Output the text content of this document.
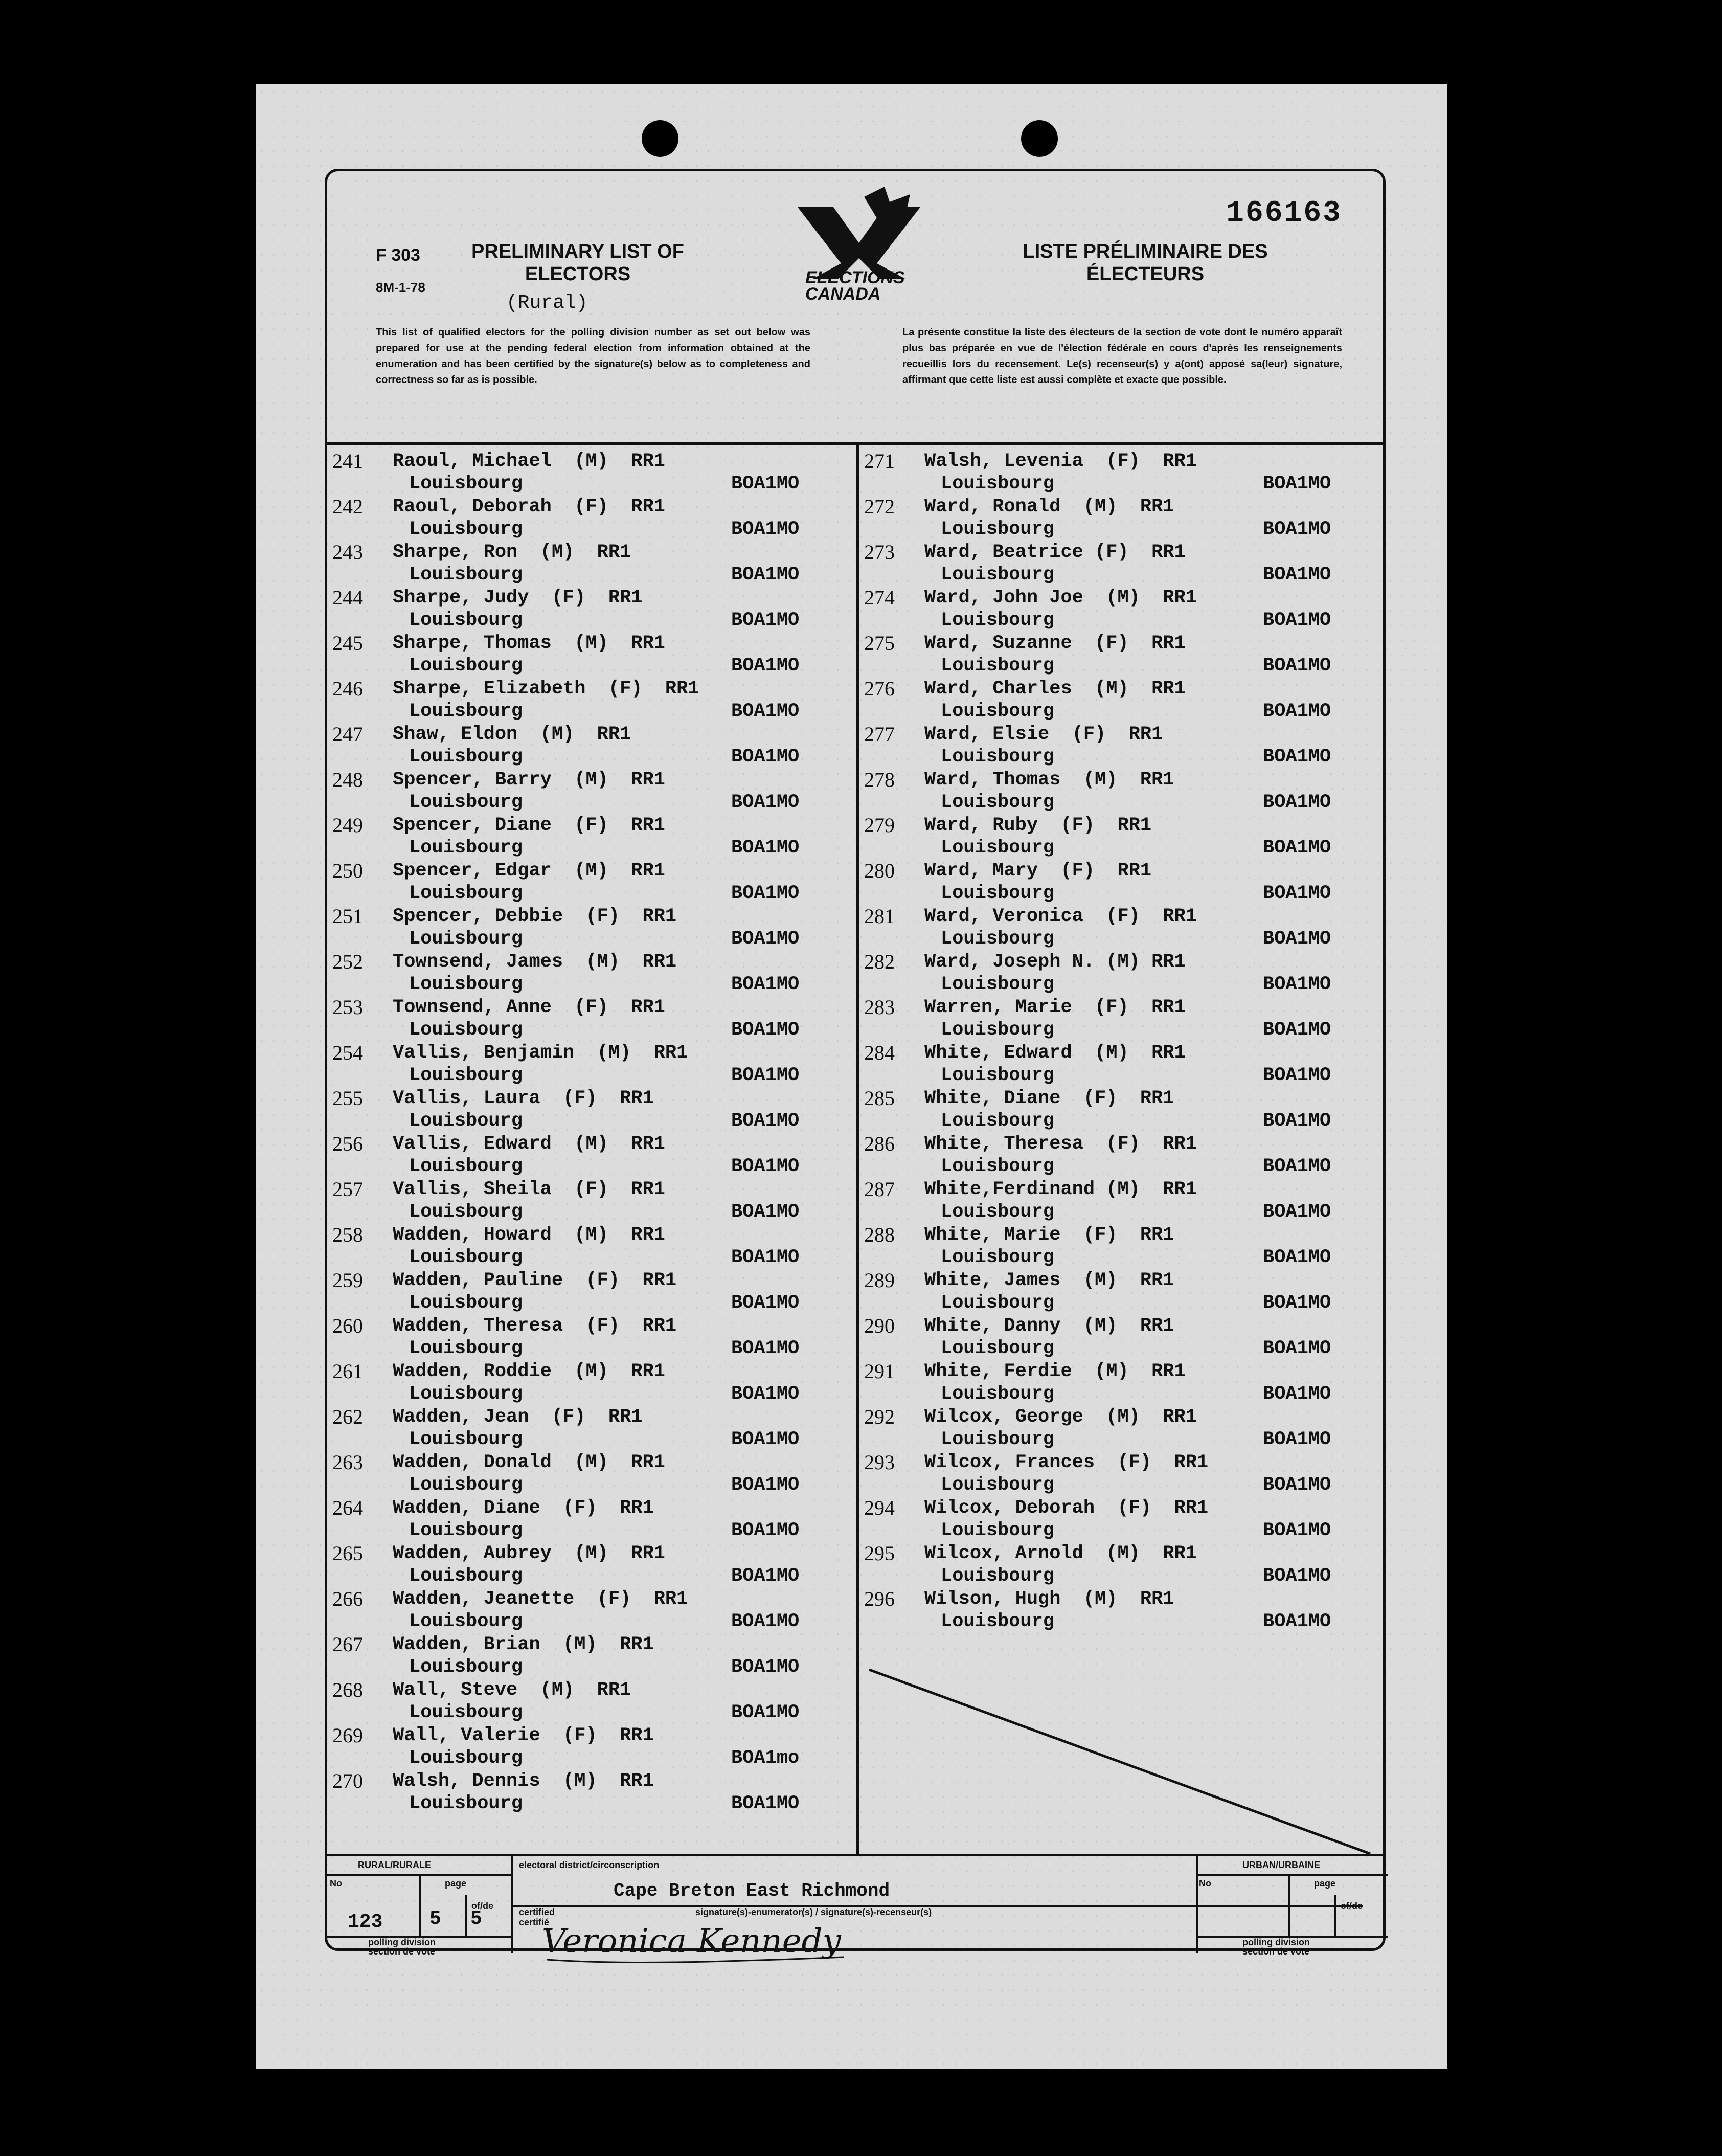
F 303
8M-1-78
PRELIMINARY LIST OF ELECTORS
(Rural)
This list of qualified electors for the polling division number as set out below was prepared for use at the pending federal election from information obtained at the enumeration and has been certified by the signature(s) below as to completeness and correctness so far as is possible.
ELECTIONS CANADA
166163
LISTE PRÉLIMINAIRE DES ÉLECTEURS
La présente constitue la liste des électeurs de la section de vote dont le numéro apparaît plus bas préparée en vue de l'élection fédérale en cours d'après les renseignements recueillis lors du recensement. Le(s) recenseur(s) y a(ont) apposé sa(leur) signature, affirmant que cette liste est aussi complète et exacte que possible.
241 Raoul, Michael  (M)  RR1
Louisbourg	BOA1MO
242 Raoul, Deborah  (F)  RR1
Louisbourg	BOA1MO
243 Sharpe, Ron  (M)  RR1
Louisbourg	BOA1MO
244 Sharpe, Judy  (F)  RR1
Louisbourg	BOA1MO
245 Sharpe, Thomas  (M)  RR1
Louisbourg	BOA1MO
246 Sharpe, Elizabeth  (F)  RR1
Louisbourg	BOA1MO
247 Shaw, Eldon  (M)  RR1
Louisbourg	BOA1MO
248 Spencer, Barry  (M)  RR1
Louisbourg	BOA1MO
249 Spencer, Diane  (F)  RR1
Louisbourg	BOA1MO
250 Spencer, Edgar  (M)  RR1
Louisbourg	BOA1MO
251 Spencer, Debbie  (F)  RR1
Louisbourg	BOA1MO
252 Townsend, James  (M)  RR1
Louisbourg	BOA1MO
253 Townsend, Anne  (F)  RR1
Louisbourg	BOA1MO
254 Vallis, Benjamin  (M)  RR1
Louisbourg	BOA1MO
255 Vallis, Laura  (F)  RR1
Louisbourg	BOA1MO
256 Vallis, Edward  (M)  RR1
Louisbourg	BOA1MO
257 Vallis, Sheila  (F)  RR1
Louisbourg	BOA1MO
258 Wadden, Howard  (M)  RR1
Louisbourg	BOA1MO
259 Wadden, Pauline  (F)  RR1
Louisbourg	BOA1MO
260 Wadden, Theresa  (F)  RR1
Louisbourg	BOA1MO
261 Wadden, Roddie  (M)  RR1
Louisbourg	BOA1MO
262 Wadden, Jean  (F)  RR1
Louisbourg	BOA1MO
263 Wadden, Donald  (M)  RR1
Louisbourg	BOA1MO
264 Wadden, Diane  (F)  RR1
Louisbourg	BOA1MO
265 Wadden, Aubrey  (M)  RR1
Louisbourg	BOA1MO
266 Wadden, Jeanette  (F)  RR1
Louisbourg	BOA1MO
267 Wadden, Brian  (M)  RR1
Louisbourg	BOA1MO
268 Wall, Steve  (M)  RR1
Louisbourg	BOA1MO
269 Wall, Valerie  (F)  RR1
Louisbourg	BOA1mo
270 Walsh, Dennis  (M)  RR1
Louisbourg	BOA1MO
271 Walsh, Levenia  (F)  RR1
Louisbourg	BOA1MO
272 Ward, Ronald  (M)  RR1
Louisbourg	BOA1MO
273 Ward, Beatrice (F)  RR1
Louisbourg	BOA1MO
274 Ward, John Joe  (M)  RR1
Louisbourg	BOA1MO
275 Ward, Suzanne  (F)  RR1
Louisbourg	BOA1MO
276 Ward, Charles  (M)  RR1
Louisbourg	BOA1MO
277 Ward, Elsie  (F)  RR1
Louisbourg	BOA1MO
278 Ward, Thomas  (M)  RR1
Louisbourg	BOA1MO
279 Ward, Ruby  (F)  RR1
Louisbourg	BOA1MO
280 Ward, Mary  (F)  RR1
Louisbourg	BOA1MO
281 Ward, Veronica  (F)  RR1
Louisbourg	BOA1MO
282 Ward, Joseph N. (M) RR1
Louisbourg	BOA1MO
283 Warren, Marie  (F)  RR1
Louisbourg	BOA1MO
284 White, Edward  (M)  RR1
Louisbourg	BOA1MO
285 White, Diane  (F)  RR1
Louisbourg	BOA1MO
286 White, Theresa  (F)  RR1
Louisbourg	BOA1MO
287 White,Ferdinand (M)  RR1
Louisbourg	BOA1MO
288 White, Marie  (F)  RR1
Louisbourg	BOA1MO
289 White, James  (M)  RR1
Louisbourg	BOA1MO
290 White, Danny  (M)  RR1
Louisbourg	BOA1MO
291 White, Ferdie  (M)  RR1
Louisbourg	BOA1MO
292 Wilcox, George  (M)  RR1
Louisbourg	BOA1MO
293 Wilcox, Frances  (F)  RR1
Louisbourg	BOA1MO
294 Wilcox, Deborah  (F)  RR1
Louisbourg	BOA1MO
295 Wilcox, Arnold  (M)  RR1
Louisbourg	BOA1MO
296 Wilson, Hugh  (M)  RR1
Louisbourg	BOA1MO
RURAL/RURALE
No	page
of/de
123 5 5
polling division
section de vote
electoral district/circonscription
Cape Breton East Richmond
certified
certifié
signature(s)-enumerator(s) / signature(s)-recenseur(s)
Veronica Kennedy
URBAN/URBAINE
No	page
of/de
polling division
section de vote
